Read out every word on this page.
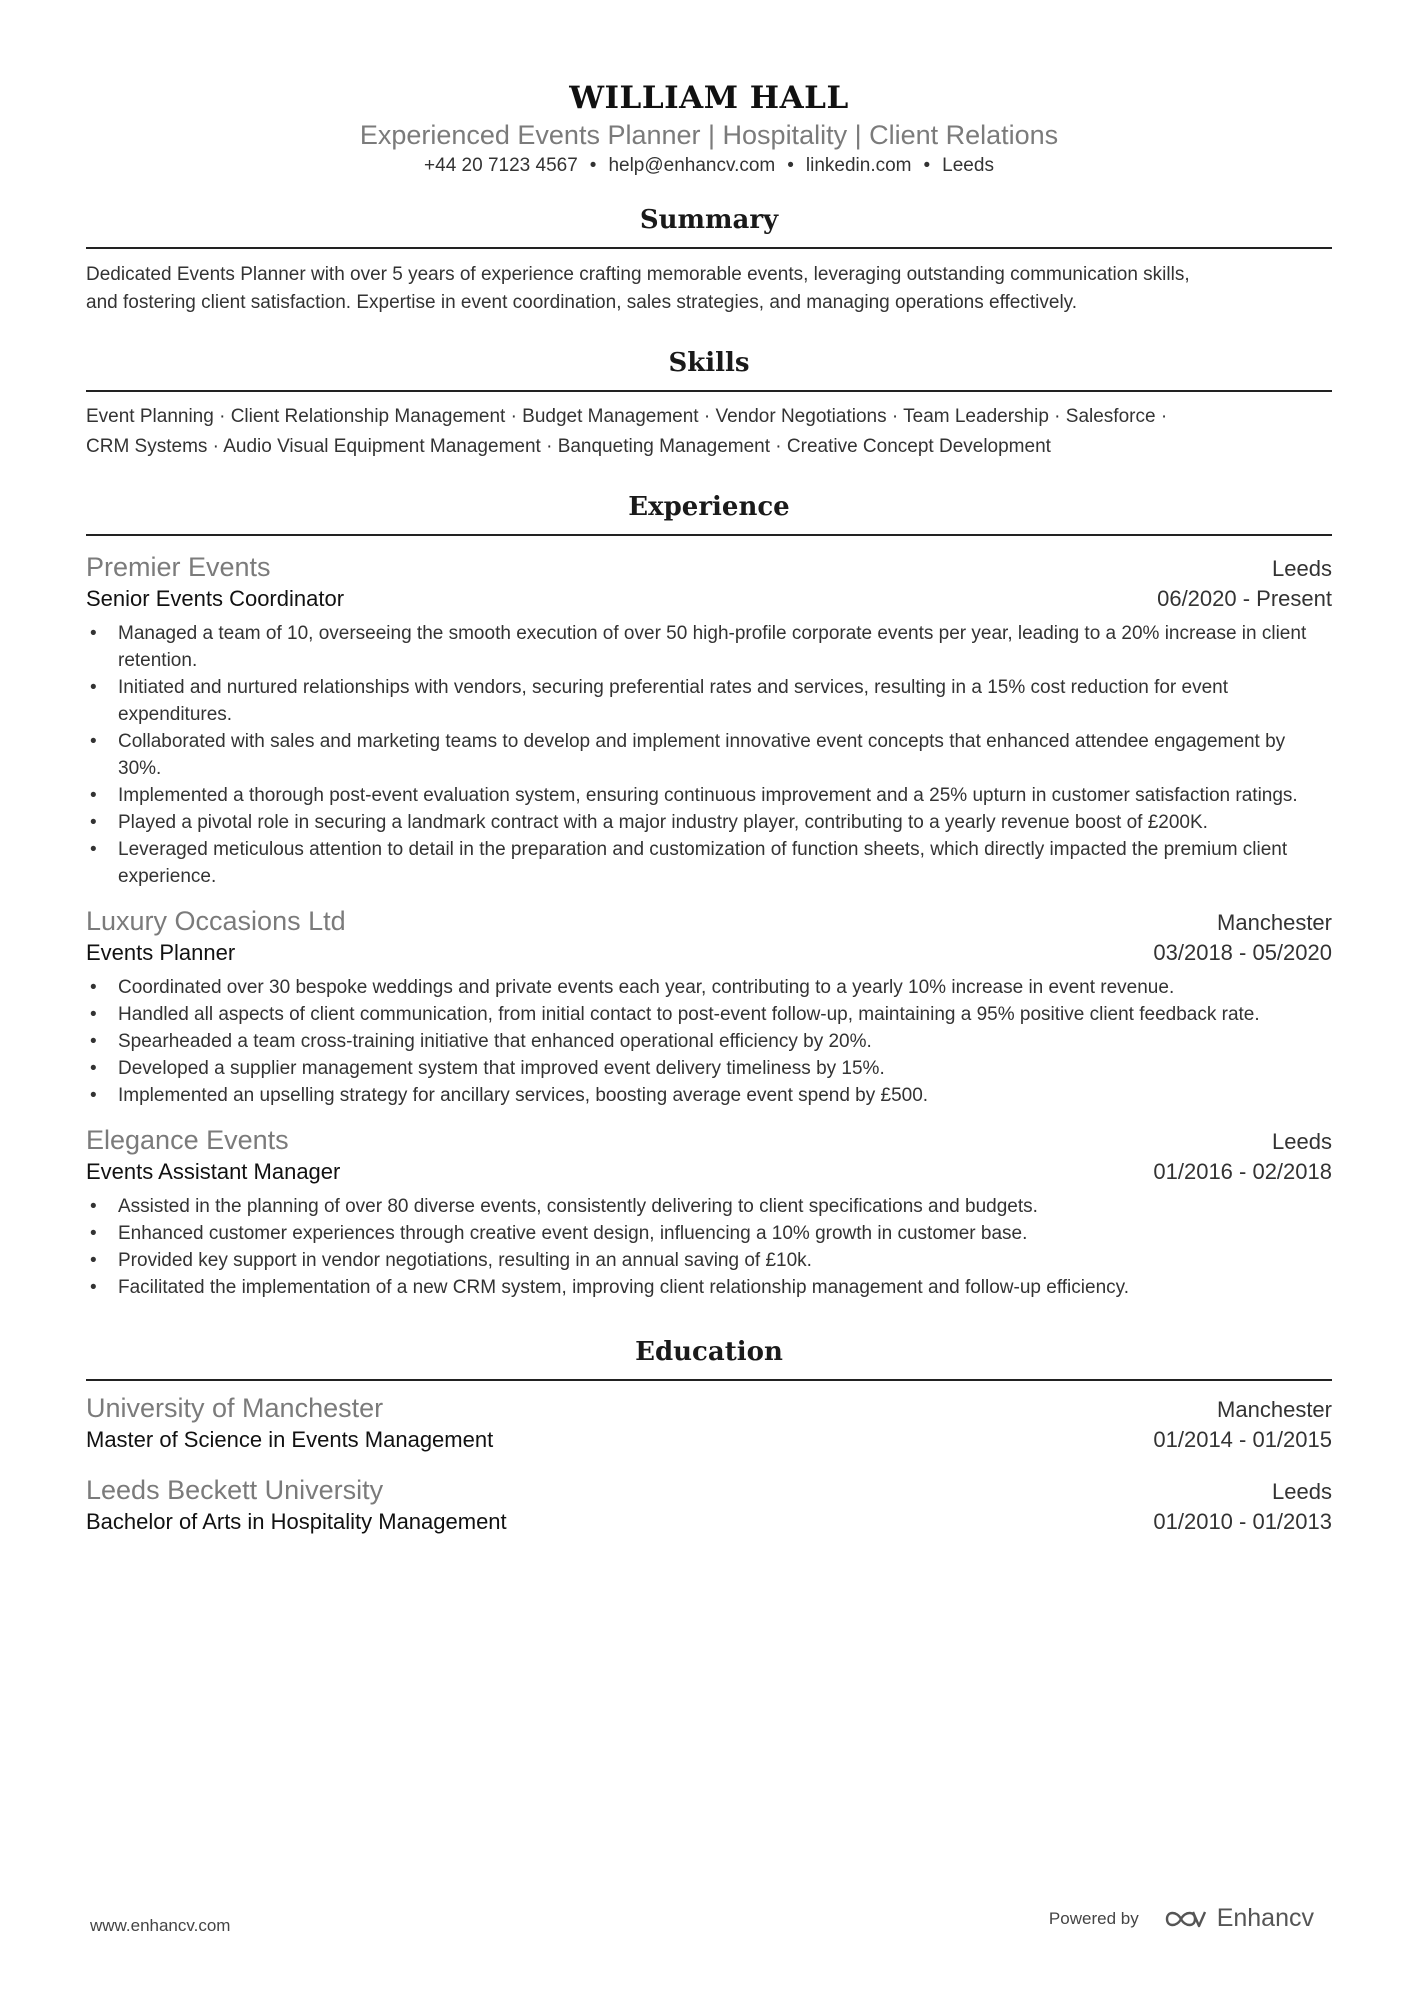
WILLIAM HALL
Experienced Events Planner | Hospitality | Client Relations
+44 20 7123 4567 • help@enhancv.com • linkedin.com • Leeds
Summary
Dedicated Events Planner with over 5 years of experience crafting memorable events, leveraging outstanding communication skills,
and fostering client satisfaction. Expertise in event coordination, sales strategies, and managing operations effectively.
Skills
Event Planning · Client Relationship Management · Budget Management · Vendor Negotiations · Team Leadership · Salesforce ·
CRM Systems · Audio Visual Equipment Management · Banqueting Management · Creative Concept Development
Experience
Premier Events	Leeds
Senior Events Coordinator	06/2020 - Present
• Managed a team of 10, overseeing the smooth execution of over 50 high-profile corporate events per year, leading to a 20% increase in client retention.
• Initiated and nurtured relationships with vendors, securing preferential rates and services, resulting in a 15% cost reduction for event expenditures.
• Collaborated with sales and marketing teams to develop and implement innovative event concepts that enhanced attendee engagement by 30%.
• Implemented a thorough post-event evaluation system, ensuring continuous improvement and a 25% upturn in customer satisfaction ratings.
• Played a pivotal role in securing a landmark contract with a major industry player, contributing to a yearly revenue boost of £200K.
• Leveraged meticulous attention to detail in the preparation and customization of function sheets, which directly impacted the premium client experience.
Luxury Occasions Ltd	Manchester
Events Planner	03/2018 - 05/2020
• Coordinated over 30 bespoke weddings and private events each year, contributing to a yearly 10% increase in event revenue.
• Handled all aspects of client communication, from initial contact to post-event follow-up, maintaining a 95% positive client feedback rate.
• Spearheaded a team cross-training initiative that enhanced operational efficiency by 20%.
• Developed a supplier management system that improved event delivery timeliness by 15%.
• Implemented an upselling strategy for ancillary services, boosting average event spend by £500.
Elegance Events	Leeds
Events Assistant Manager	01/2016 - 02/2018
• Assisted in the planning of over 80 diverse events, consistently delivering to client specifications and budgets.
• Enhanced customer experiences through creative event design, influencing a 10% growth in customer base.
• Provided key support in vendor negotiations, resulting in an annual saving of £10k.
• Facilitated the implementation of a new CRM system, improving client relationship management and follow-up efficiency.
Education
University of Manchester	Manchester
Master of Science in Events Management	01/2014 - 01/2015
Leeds Beckett University	Leeds
Bachelor of Arts in Hospitality Management	01/2010 - 01/2013
www.enhancv.com	Powered by	Enhancv
